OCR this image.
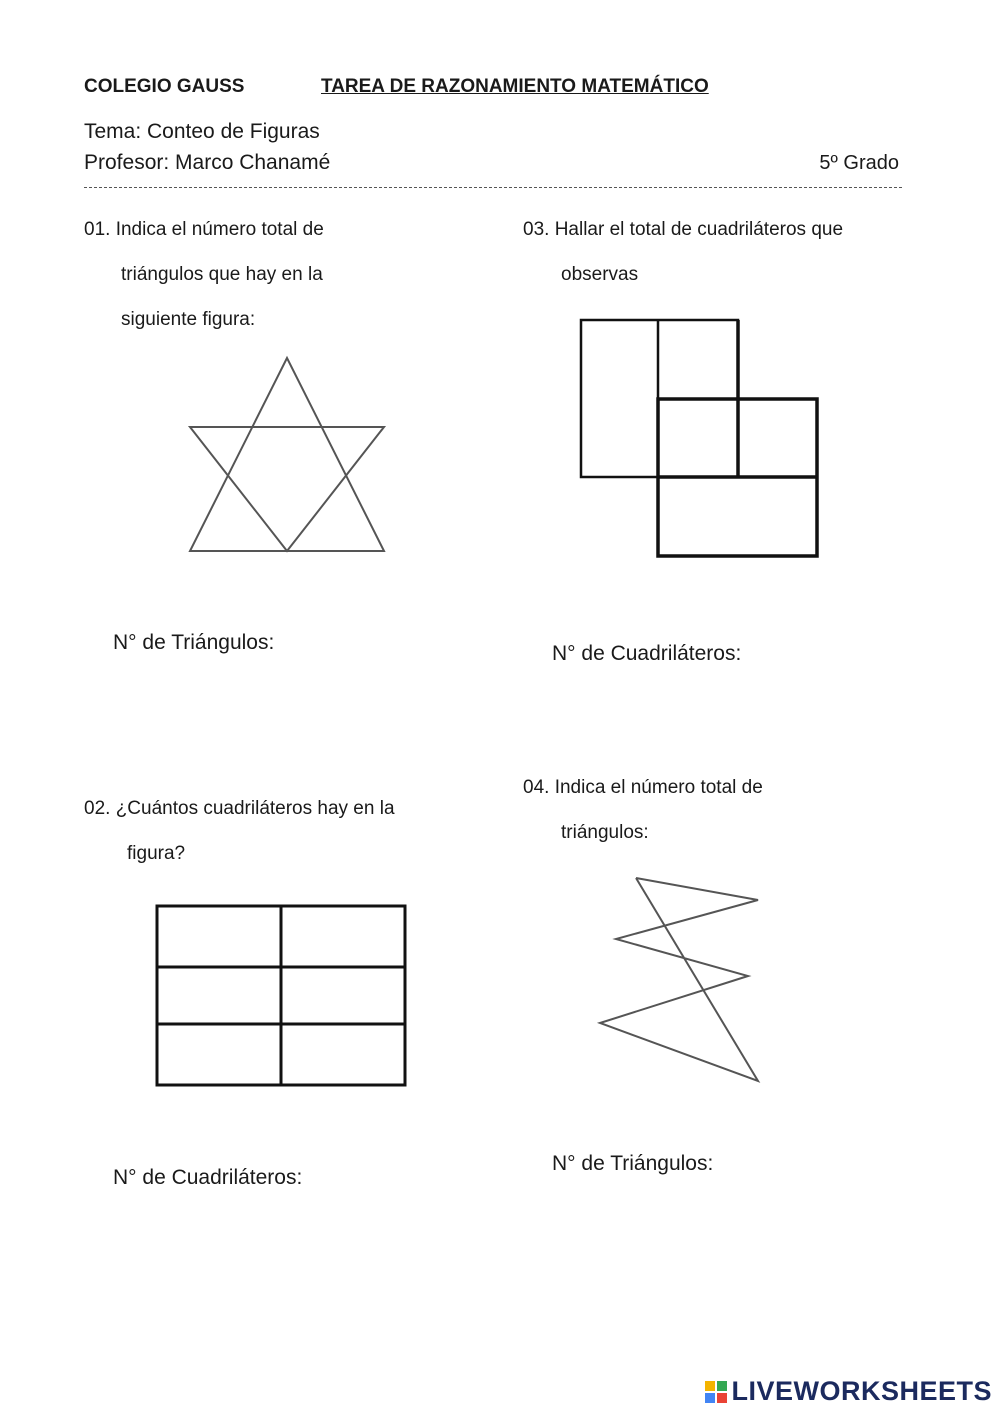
COLEGIO GAUSS	TAREA DE RAZONAMIENTO MATEMÁTICO
Tema: Conteo de Figuras
Profesor: Marco Chanamé	5º Grado
01. Indica el número total de
triángulos que hay en la
siguiente figura:
N° de Triángulos:
02. ¿Cuántos cuadriláteros hay en la
figura?
N° de Cuadriláteros:
03. Hallar el total de cuadriláteros que
observas
N° de Cuadriláteros:
04. Indica el número total de
triángulos:
N° de Triángulos:
LIVEWORKSHEETS
